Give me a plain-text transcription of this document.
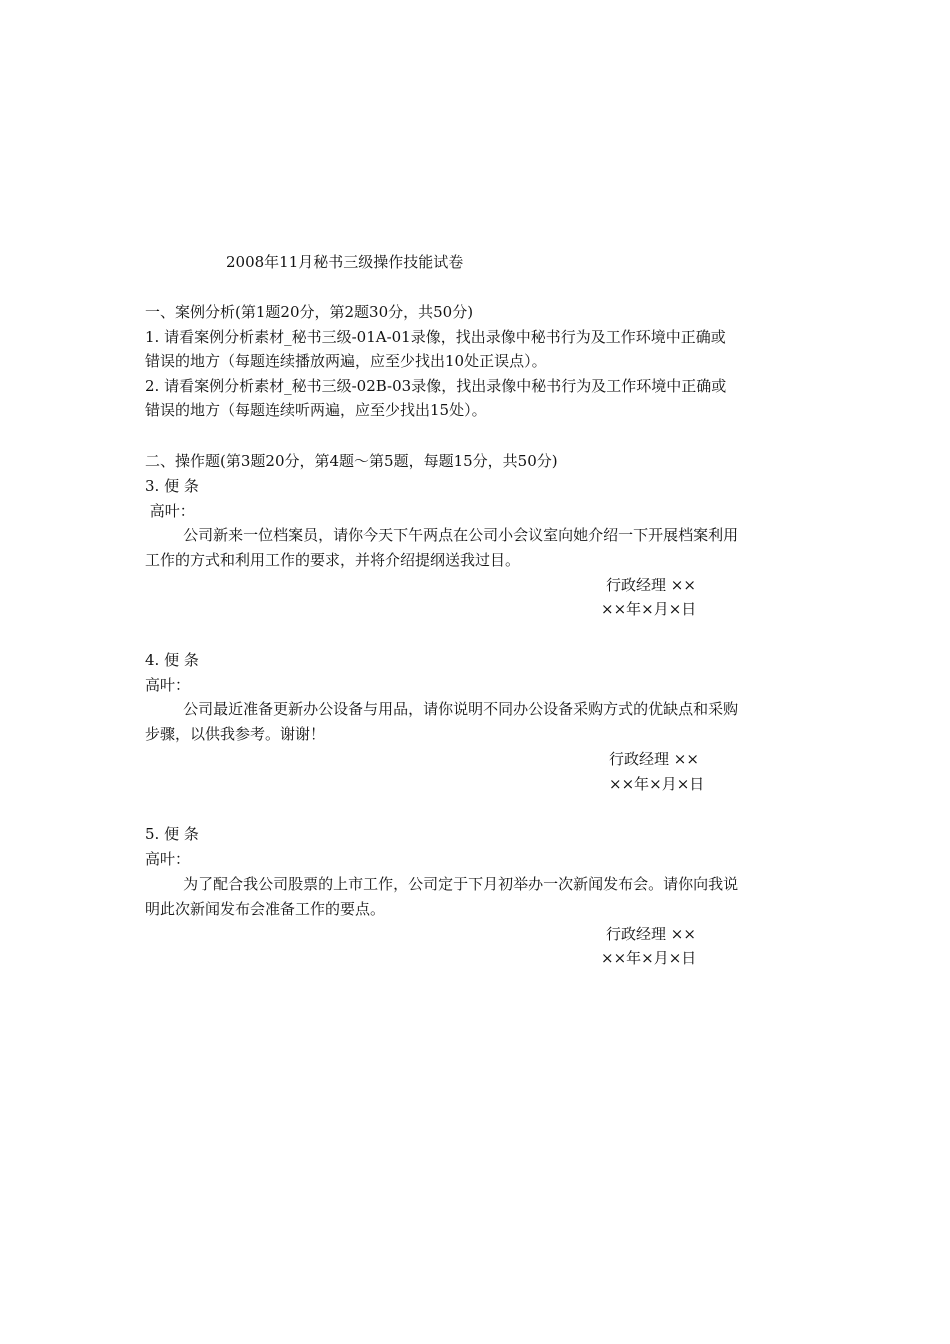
2008年11月秘书三级操作技能试卷
一、案例分析(第1题20分，第2题30分，共50分)
1. 请看案例分析素材_秘书三级-01A-01录像，找出录像中秘书行为及工作环境中正确或
错误的地方（每题连续播放两遍，应至少找出10处正误点）。
2. 请看案例分析素材_秘书三级-02B-03录像，找出录像中秘书行为及工作环境中正确或
错误的地方（每题连续听两遍，应至少找出15处）。
二、操作题(第3题20分，第4题～第5题，每题15分，共50分)
3. 便 条
高叶：
公司新来一位档案员，请你今天下午两点在公司小会议室向她介绍一下开展档案利用
工作的方式和利用工作的要求，并将介绍提纲送我过目。
行政经理 ××
××年×月×日
4. 便 条
高叶：
公司最近准备更新办公设备与用品，请你说明不同办公设备采购方式的优缺点和采购
步骤，以供我参考。谢谢！
行政经理 ××
××年×月×日
5. 便 条
高叶：
为了配合我公司股票的上市工作，公司定于下月初举办一次新闻发布会。请你向我说
明此次新闻发布会准备工作的要点。
行政经理 ××
××年×月×日
